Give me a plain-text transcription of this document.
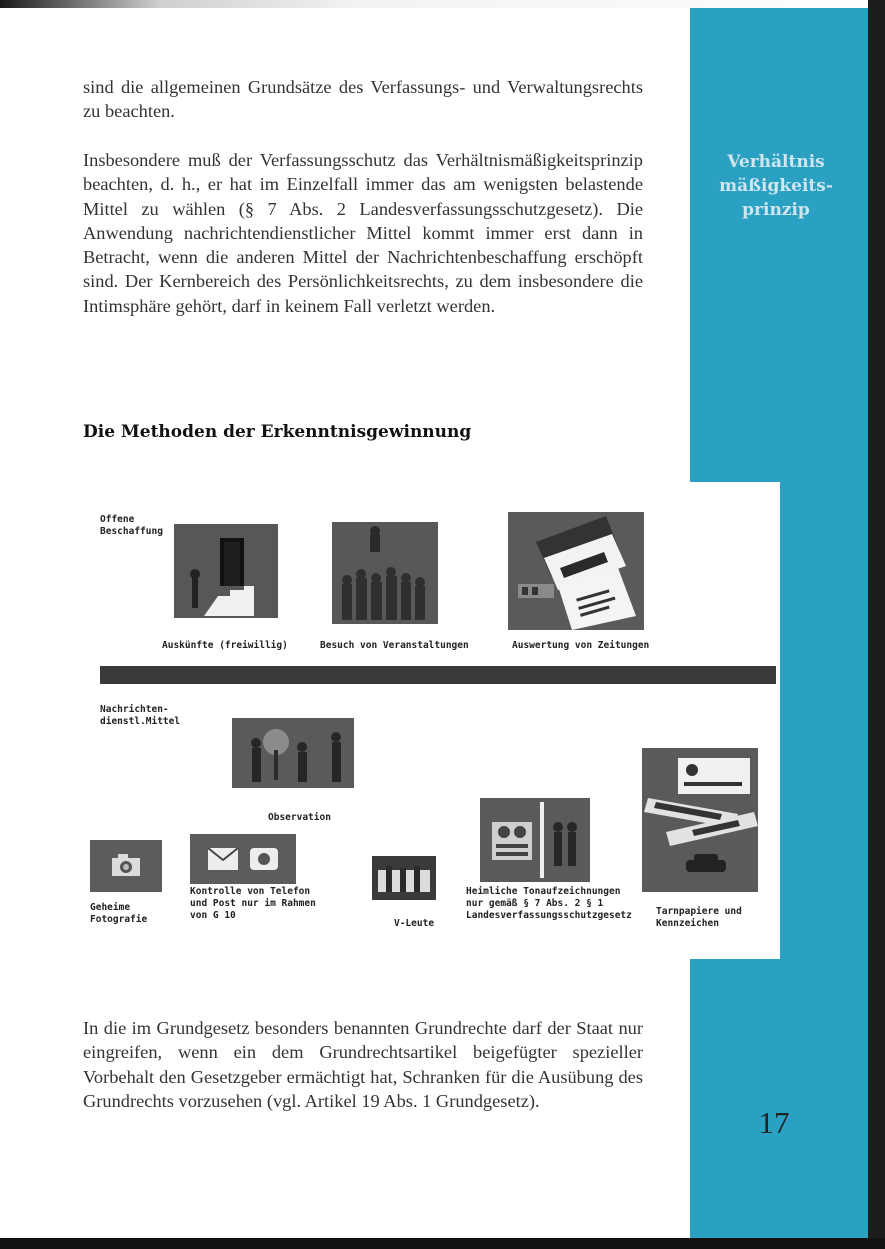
sind die allgemeinen Grundsätze des Verfassungs- und Verwaltungsrechts zu beachten.

Insbesondere muß der Verfassungsschutz das Verhältnismäßigkeitsprinzip beachten, d. h., er hat im Einzelfall immer das am wenigsten belastende Mittel zu wählen (§ 7 Abs. 2 Landesverfassungsschutzgesetz). Die Anwendung nachrichtendienstlicher Mittel kommt immer erst dann in Betracht, wenn die anderen Mittel der Nachrichtenbeschaffung erschöpft sind. Der Kernbereich des Persönlichkeitsrechts, zu dem insbesondere die Intimsphäre gehört, darf in keinem Fall verletzt werden.

Verhältnis mäßigkeits- prinzip
Die Methoden der Erkenntnisgewinnung
Offene
Beschaffung
Auskünfte (freiwillig)	Besuch von Veranstaltungen	Auswertung von Zeitungen
Nachrichten-
dienstl.Mittel
Observation
Geheime
Fotografie
Kontrolle von Telefon
und Post nur im Rahmen
von G 10
V-Leute
Heimliche Tonaufzeichnungen
nur gemäß § 7 Abs. 2 § 1
Landesverfassungsschutzgesetz	Tarnpapiere und
Kennzeichen

In die im Grundgesetz besonders benannten Grundrechte darf der Staat nur eingreifen, wenn ein dem Grundrechtsartikel beigefügter spezieller Vorbehalt den Gesetzgeber ermächtigt hat, Schranken für die Ausübung des Grundrechts vorzusehen (vgl. Artikel 19 Abs. 1 Grundgesetz).

17
